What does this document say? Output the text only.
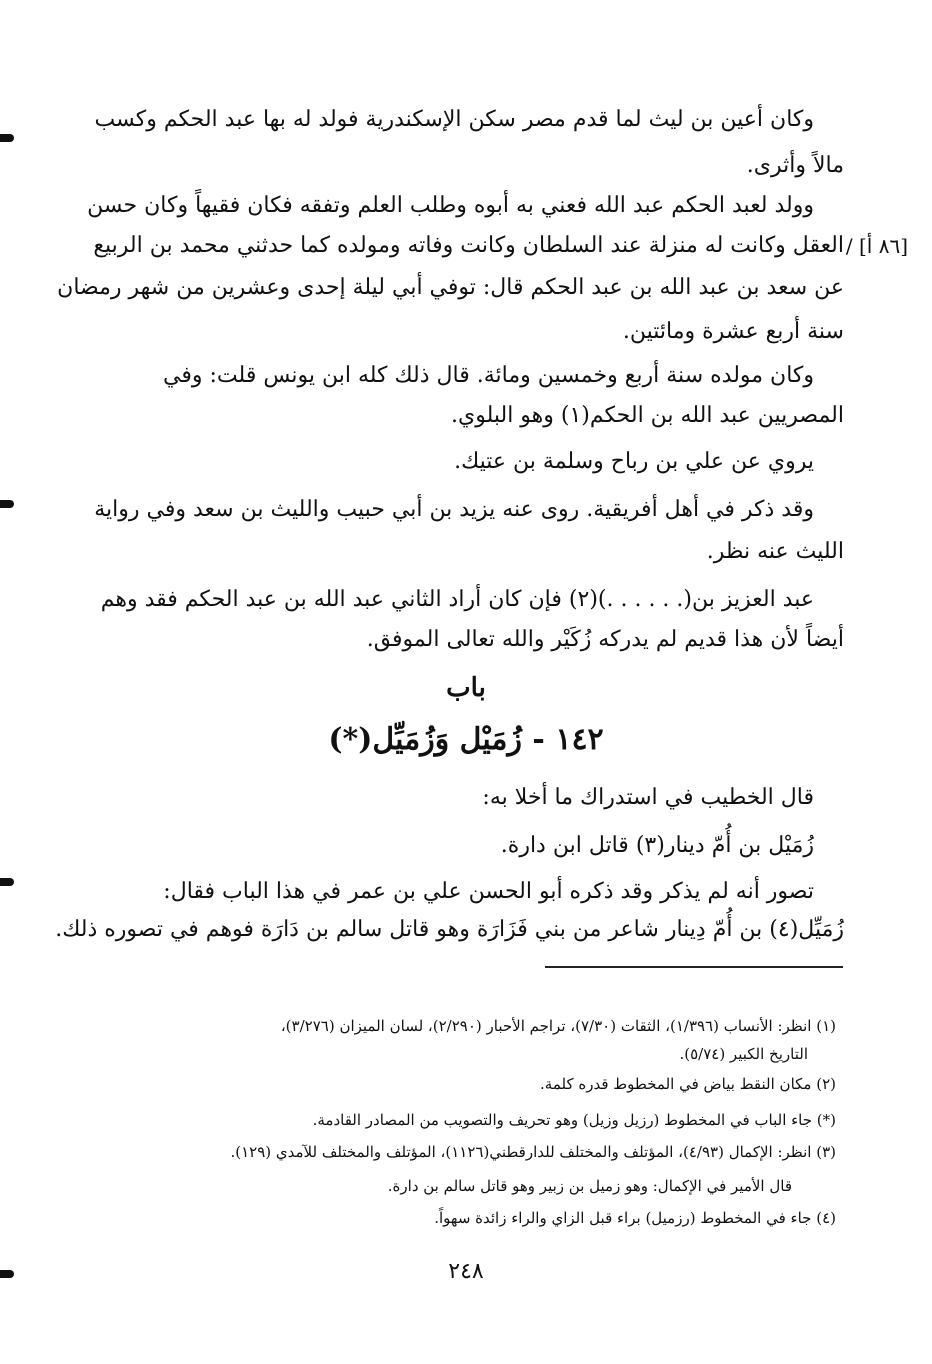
[٨٦ أ] /
وكان أعين بن ليث لما قدم مصر سكن الإسكندرية فولد له بها عبد الحكم وكسب
مالاً وأثرى.
وولد لعبد الحكم عبد الله فعني به أبوه وطلب العلم وتفقه فكان فقيهاً وكان حسن
العقل وكانت له منزلة عند السلطان وكانت وفاته ومولده كما حدثني محمد بن الربيع
عن سعد بن عبد الله بن عبد الحكم قال: توفي أبي ليلة إحدى وعشرين من شهر رمضان
سنة أربع عشرة ومائتين.
وكان مولده سنة أربع وخمسين ومائة. قال ذلك كله ابن يونس قلت: وفي
المصريين عبد الله بن الحكم(١) وهو البلوي.
يروي عن علي بن رباح وسلمة بن عتيك.
وقد ذكر في أهل أفريقية. روى عنه يزيد بن أبي حبيب والليث بن سعد وفي رواية
الليث عنه نظر.
عبد العزيز بن(. . . . . .)(٢) فإن كان أراد الثاني عبد الله بن عبد الحكم فقد وهم
أيضاً لأن هذا قديم لم يدركه زُكَيْر والله تعالى الموفق.
باب
١٤٢ - زُمَيْل وَزُمَيِّل(*)
قال الخطيب في استدراك ما أخلا به:
زُمَيْل بن أُمّ دينار(٣) قاتل ابن دارة.
تصور أنه لم يذكر وقد ذكره أبو الحسن علي بن عمر في هذا الباب فقال:
زُمَيِّل(٤) بن أُمّ دِينار شاعر من بني فَزَارَة وهو قاتل سالم بن دَارَة فوهم في تصوره ذلك.
(١) انظر: الأنساب (١/٣٩٦)، الثقات (٧/٣٠)، تراجم الأحبار (٢/٢٩٠)، لسان الميزان (٣/٢٧٦)،
التاريخ الكبير (٥/٧٤).
(٢) مكان النقط بياض في المخطوط قدره كلمة.
(*) جاء الباب في المخطوط (رزيل وزيل) وهو تحريف والتصويب من المصادر القادمة.
(٣) انظر: الإكمال (٤/٩٣)، المؤتلف والمختلف للدارقطني(١١٢٦)، المؤتلف والمختلف للآمدي (١٢٩).
قال الأمير في الإكمال: وهو زميل بن زبير وهو قاتل سالم بن دارة.
(٤) جاء في المخطوط (رزميل) براء قبل الزاي والراء زائدة سهواً.
٢٤٨
